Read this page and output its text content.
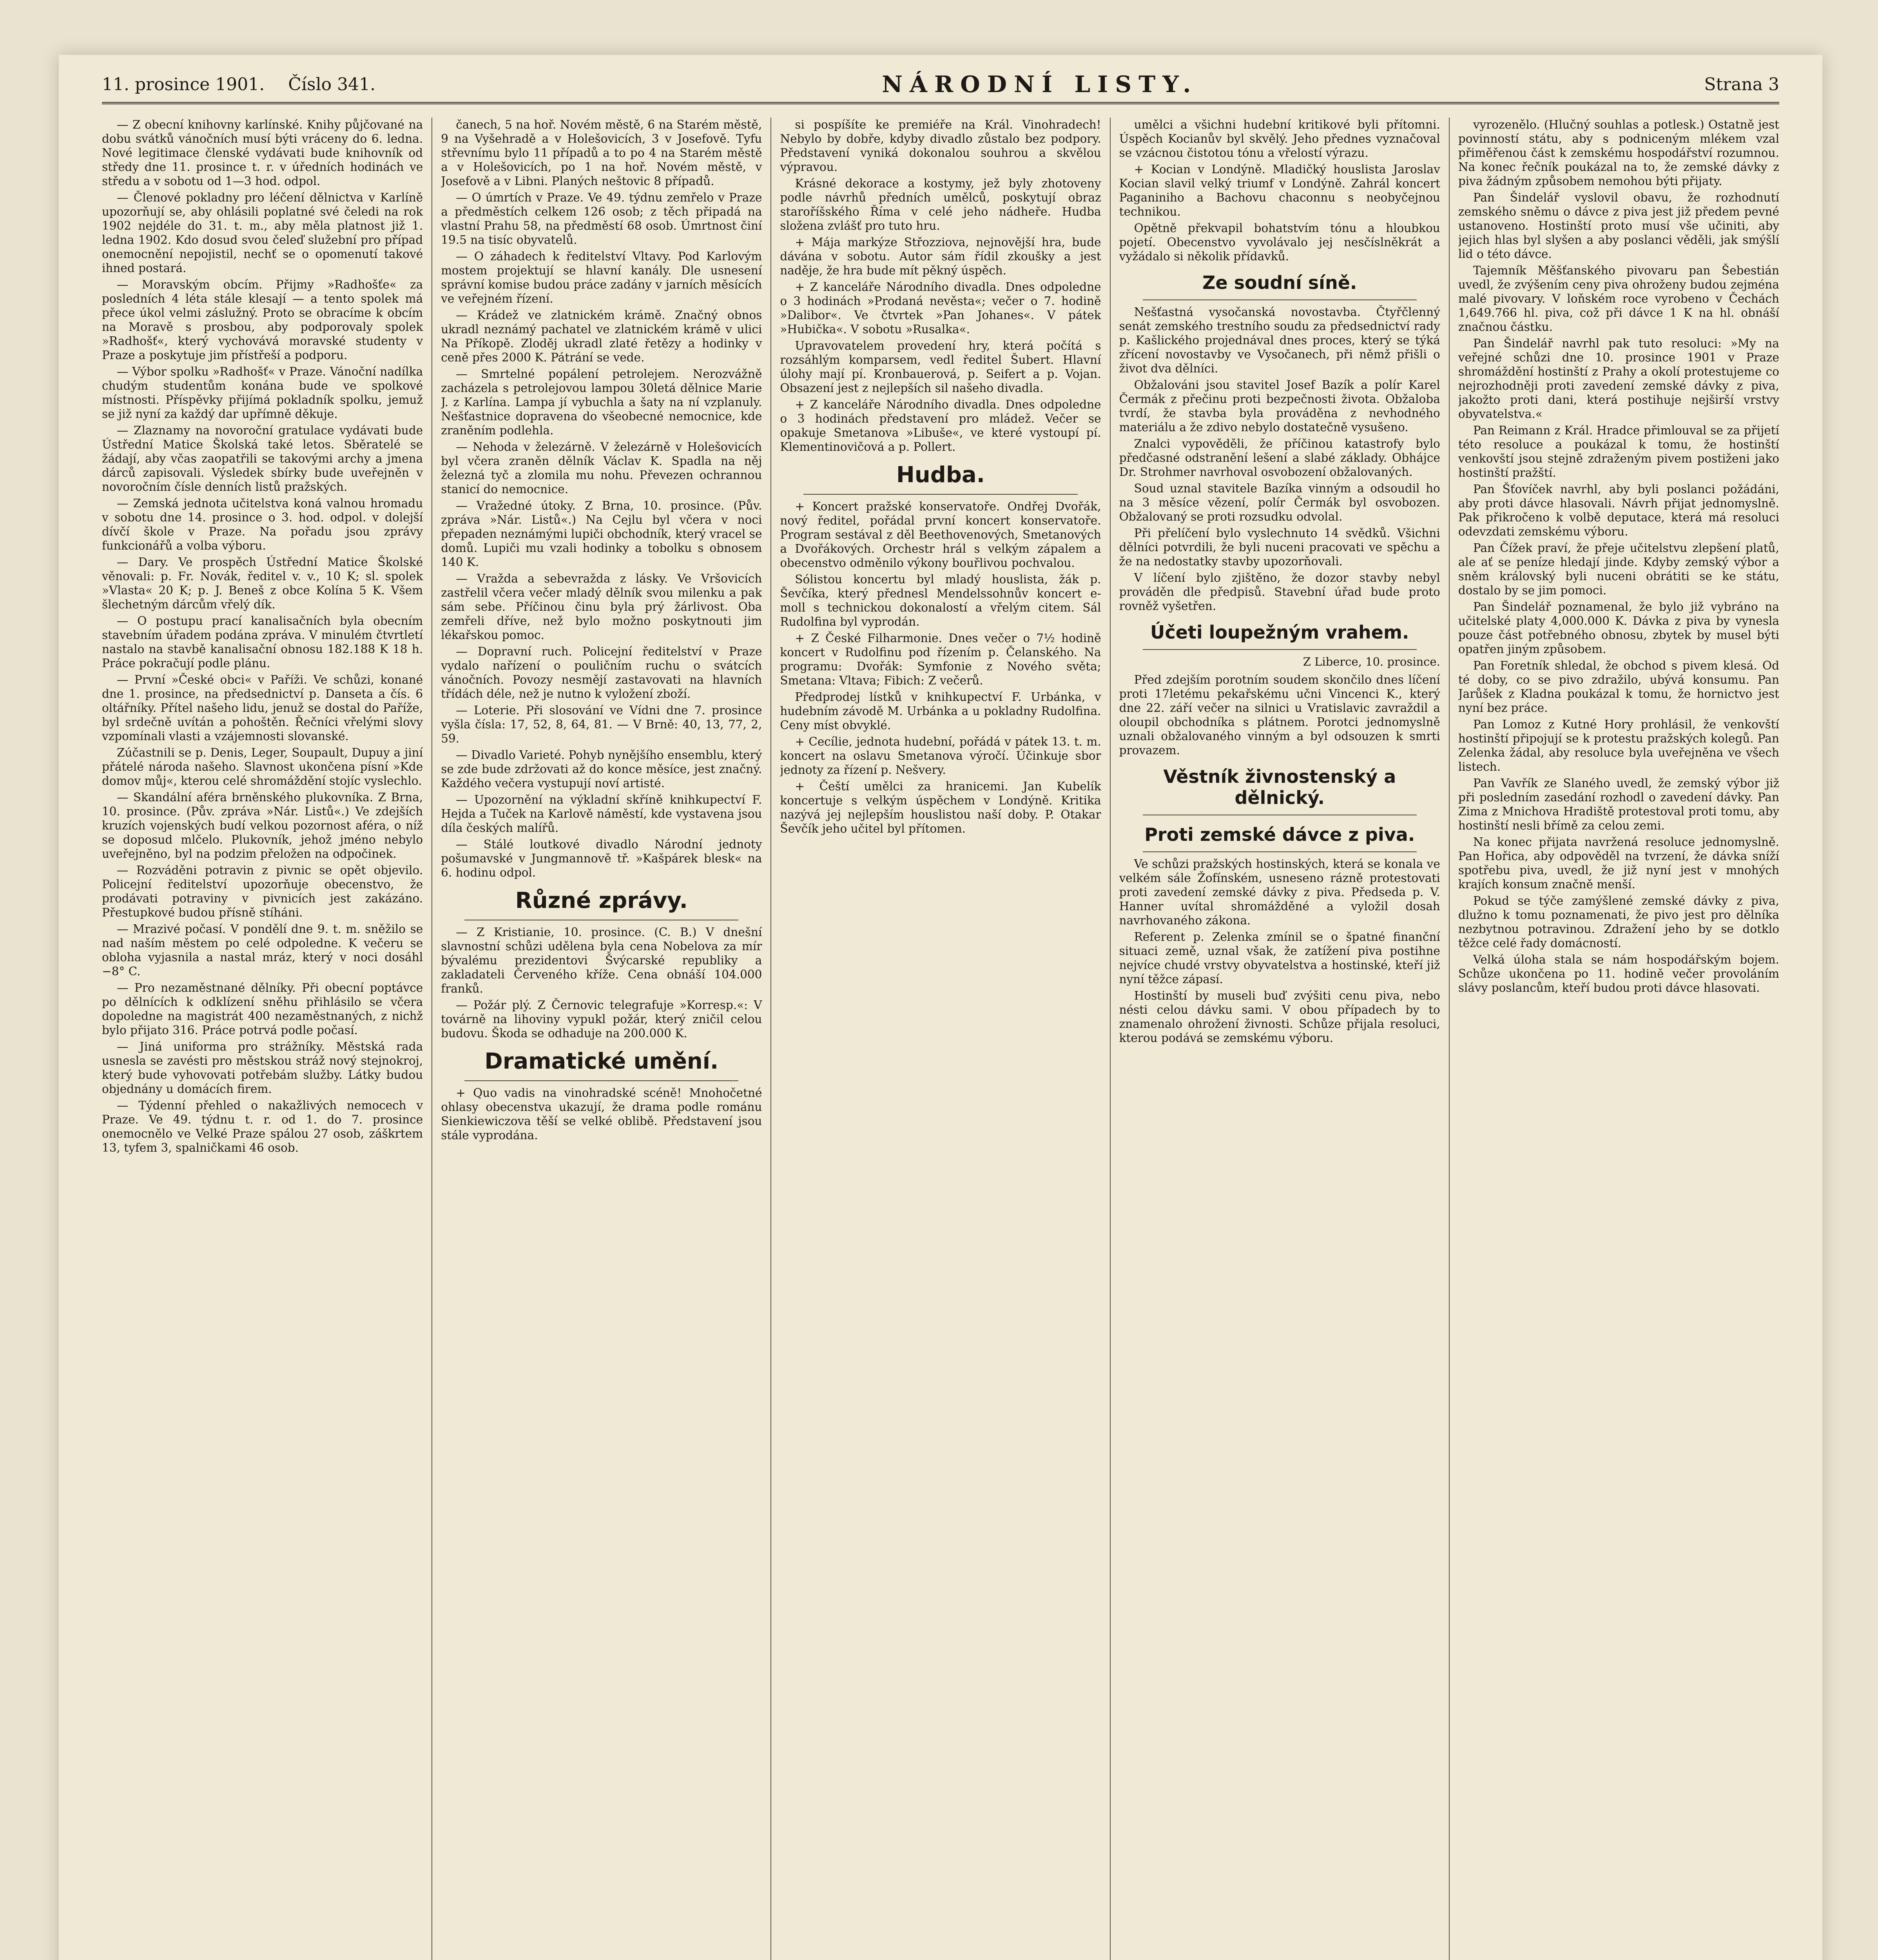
11. prosince 1901. Číslo 341.	NÁRODNÍ LISTY.	Strana 3

— Z obecní knihovny karlínské. Knihy půjčované na dobu svátků vánočních musí býti vráceny do 6. ledna. Nové legitimace členské vydávati bude knihovník od středy dne 11. prosince t. r. v úředních hodinách ve středu a v sobotu od 1—3 hod. odpol.

— Členové pokladny pro léčení dělnictva v Karlíně upozorňují se, aby ohlásili poplatné své čeledi na rok 1902 nejdéle do 31. t. m., aby měla platnost již 1. ledna 1902. Kdo dosud svou čeleď služební pro případ onemocnění nepojistil, nechť se o opomenutí takové ihned postará.

— Moravským obcím. Přijmy »Radhošťe« za posledních 4 léta stále klesají — a tento spolek má přece úkol velmi záslužný. Proto se obracíme k obcím na Moravě s prosbou, aby podporovaly spolek »Radhošť«, který vychovává moravské studenty v Praze a poskytuje jim přístřeší a podporu.

— Výbor spolku »Radhošť« v Praze. Vánoční nadílka chudým studentům konána bude ve spolkové místnosti. Příspěvky přijímá pokladník spolku, jemuž se již nyní za každý dar upřímně děkuje.

— Zlaznamy na novoroční gratulace vydávati bude Ústřední Matice Školská také letos. Sběratelé se žádají, aby včas zaopatřili se takovými archy a jmena dárců zapisovali. Výsledek sbírky bude uveřejněn v novoročním čísle denních listů pražských.

— Zemská jednota učitelstva koná valnou hromadu v sobotu dne 14. prosince o 3. hod. odpol. v dolejší dívčí škole v Praze. Na pořadu jsou zprávy funkcionářů a volba výboru.

— Dary. Ve prospěch Ústřední Matice Školské věnovali: p. Fr. Novák, ředitel v. v., 10 K; sl. spolek »Vlasta« 20 K; p. J. Beneš z obce Kolína 5 K. Všem šlechetným dárcům vřelý dík.

— O postupu prací kanalisačních byla obecním stavebním úřadem podána zpráva. V minulém čtvrtletí nastalo na stavbě kanalisační obnosu 182.188 K 18 h. Práce pokračují podle plánu.

— První »České obci« v Paříži. Ve schůzi, konané dne 1. prosince, na předsednictví p. Danseta a čís. 6 oltářníky. Přítel našeho lidu, jenuž se dostal do Paříže, byl srdečně uvítán a pohoštěn. Řečníci vřelými slovy vzpomínali vlasti a vzájemnosti slovanské.

Zúčastnili se p. Denis, Leger, Soupault, Dupuy a jiní přátelé národa našeho. Slavnost ukončena písní »Kde domov můj«, kterou celé shromáždění stojíc vyslechlo.

— Skandální aféra brněnského plukovníka. Z Brna, 10. prosince. (Pův. zpráva »Nár. Listů«.) Ve zdejších kruzích vojenských budí velkou pozornost aféra, o níž se doposud mlčelo. Plukovník, jehož jméno nebylo uveřejněno, byl na podzim přeložen na odpočinek.

— Rozváděni potravin z pivnic se opět objevilo. Policejní ředitelství upozorňuje obecenstvo, že prodávati potraviny v pivnicích jest zakázáno. Přestupkové budou přísně stíháni.

— Mrazivé počasí. V pondělí dne 9. t. m. sněžilo se nad naším městem po celé odpoledne. K večeru se obloha vyjasnila a nastal mráz, který v noci dosáhl −8° C.

— Pro nezaměstnané dělníky. Při obecní poptávce po dělnících k odklízení sněhu přihlásilo se včera dopoledne na magistrát 400 nezaměstnaných, z nichž bylo přijato 316. Práce potrvá podle počasí.

— Jiná uniforma pro strážníky. Městská rada usnesla se zavésti pro městskou stráž nový stejnokroj, který bude vyhovovati potřebám služby. Látky budou objednány u domácích firem.

— Týdenní přehled o nakažlivých nemocech v Praze. Ve 49. týdnu t. r. od 1. do 7. prosince onemocnělo ve Velké Praze spálou 27 osob, záškrtem 13, tyfem 3, spalničkami 46 osob.

čanech, 5 na hoř. Novém městě, 6 na Starém městě, 9 na Vyšehradě a v Holešovicích, 3 v Josefově. Tyfu střevnímu bylo 11 případů a to po 4 na Starém městě a v Holešovicích, po 1 na hoř. Novém městě, v Josefově a v Libni. Planých neštovic 8 případů.

— O úmrtích v Praze. Ve 49. týdnu zemřelo v Praze a předměstích celkem 126 osob; z těch připadá na vlastní Prahu 58, na předměstí 68 osob. Úmrtnost činí 19.5 na tisíc obyvatelů.

— O záhadech k ředitelství Vltavy. Pod Karlovým mostem projektují se hlavní kanály. Dle usnesení správní komise budou práce zadány v jarních měsících ve veřejném řízení.

— Krádež ve zlatnickém krámě. Značný obnos ukradl neznámý pachatel ve zlatnickém krámě v ulici Na Příkopě. Zloděj ukradl zlaté řetězy a hodinky v ceně přes 2000 K. Pátrání se vede.

— Smrtelné popálení petrolejem. Nerozvážně zacházela s petrolejovou lampou 30letá dělnice Marie J. z Karlína. Lampa jí vybuchla a šaty na ní vzplanuly. Nešťastnice dopravena do všeobecné nemocnice, kde zraněním podlehla.

— Nehoda v železárně. V železárně v Holešovicích byl včera zraněn dělník Václav K. Spadla na něj železná tyč a zlomila mu nohu. Převezen ochrannou stanicí do nemocnice.

— Vražedné útoky. Z Brna, 10. prosince. (Pův. zpráva »Nár. Listů«.) Na Cejlu byl včera v noci přepaden neznámými lupiči obchodník, který vracel se domů. Lupiči mu vzali hodinky a tobolku s obnosem 140 K.

— Vražda a sebevražda z lásky. Ve Vršovicích zastřelil včera večer mladý dělník svou milenku a pak sám sebe. Příčinou činu byla prý žárlivost. Oba zemřeli dříve, než bylo možno poskytnouti jim lékařskou pomoc.

— Dopravní ruch. Policejní ředitelství v Praze vydalo nařízení o pouličním ruchu o svátcích vánočních. Povozy nesmějí zastavovati na hlavních třídách déle, než je nutno k vyložení zboží.

— Loterie. Při slosování ve Vídni dne 7. prosince vyšla čísla: 17, 52, 8, 64, 81. — V Brně: 40, 13, 77, 2, 59.

— Divadlo Varieté. Pohyb nynějšího ensemblu, který se zde bude zdržovati až do konce měsíce, jest značný. Každého večera vystupují noví artisté.

— Upozornění na výkladní skříně knihkupectví F. Hejda a Tuček na Karlově náměstí, kde vystavena jsou díla českých malířů.

— Stálé loutkové divadlo Národní jednoty pošumavské v Jungmannově tř. »Kašpárek blesk« na 6. hodinu odpol.

Různé zprávy.

— Z Kristianie, 10. prosince. (C. B.) V dnešní slavnostní schůzi udělena byla cena Nobelova za mír bývalému prezidentovi Švýcarské republiky a zakladateli Červeného kříže. Cena obnáší 104.000 franků.

— Požár plý. Z Černovic telegrafuje »Korresp.«: V továrně na lihoviny vypukl požár, který zničil celou budovu. Škoda se odhaduje na 200.000 K.

Dramatické umění.

+ Quo vadis na vinohradské scéně! Mnohočetné ohlasy obecenstva ukazují, že drama podle románu Sienkiewiczova těší se velké oblibě. Představení jsou stále vyprodána.

si pospíšíte ke premiéře na Král. Vinohradech! Nebylo by dobře, kdyby divadlo zůstalo bez podpory. Představení vyniká dokonalou souhrou a skvělou výpravou.

Krásné dekorace a kostymy, jež byly zhotoveny podle návrhů předních umělců, poskytují obraz staroříšského Říma v celé jeho nádheře. Hudba složena zvlášť pro tuto hru.

+ Mája markýze Střozziova, nejnovější hra, bude dávána v sobotu. Autor sám řídil zkoušky a jest naděje, že hra bude mít pěkný úspěch.

+ Z kanceláře Národního divadla. Dnes odpoledne o 3 hodinách »Prodaná nevěsta«; večer o 7. hodině »Dalibor«. Ve čtvrtek »Pan Johanes«. V pátek »Hubička«. V sobotu »Rusalka«.

Upravovatelem provedení hry, která počítá s rozsáhlým komparsem, vedl ředitel Šubert. Hlavní úlohy mají pí. Kronbauerová, p. Seifert a p. Vojan. Obsazení jest z nejlepších sil našeho divadla.

+ Z kanceláře Národního divadla. Dnes odpoledne o 3 hodinách představení pro mládež. Večer se opakuje Smetanova »Libuše«, ve které vystoupí pí. Klementinovičová a p. Pollert.

Hudba.

+ Koncert pražské konservatoře. Ondřej Dvořák, nový ředitel, pořádal první koncert konservatoře. Program sestával z děl Beethovenových, Smetanových a Dvořákových. Orchestr hrál s velkým zápalem a obecenstvo odměnilo výkony bouřlivou pochvalou.

Sólistou koncertu byl mladý houslista, žák p. Ševčíka, který přednesl Mendelssohnův koncert e-moll s technickou dokonalostí a vřelým citem. Sál Rudolfina byl vyprodán.

+ Z České Filharmonie. Dnes večer o 7½ hodině koncert v Rudolfinu pod řízením p. Čelanského. Na programu: Dvořák: Symfonie z Nového světa; Smetana: Vltava; Fibich: Z večerů.

Předprodej lístků v knihkupectví F. Urbánka, v hudebním závodě M. Urbánka a u pokladny Rudolfina. Ceny míst obvyklé.

+ Cecílie, jednota hudební, pořádá v pátek 13. t. m. koncert na oslavu Smetanova výročí. Účinkuje sbor jednoty za řízení p. Nešvery.

+ Čeští umělci za hranicemi. Jan Kubelík koncertuje s velkým úspěchem v Londýně. Kritika nazývá jej nejlepším houslistou naší doby. P. Otakar Ševčík jeho učitel byl přítomen.

umělci a všichni hudební kritikové byli přítomni. Úspěch Kocianův byl skvělý. Jeho přednes vyznačoval se vzácnou čistotou tónu a vřelostí výrazu.

+ Kocian v Londýně. Mladičký houslista Jaroslav Kocian slavil velký triumf v Londýně. Zahrál koncert Paganiniho a Bachovu chaconnu s neobyčejnou technikou.

Opětně překvapil bohatstvím tónu a hloubkou pojetí. Obecenstvo vyvolávalo jej nesčíslněkrát a vyžádalo si několik přídavků.

Ze soudní síně.

Nešťastná vysočanská novostavba. Čtyřčlenný senát zemského trestního soudu za předsednictví rady p. Kašlického projednával dnes proces, který se týká zřícení novostavby ve Vysočanech, při němž přišli o život dva dělníci.

Obžalováni jsou stavitel Josef Bazík a polír Karel Čermák z přečinu proti bezpečnosti života. Obžaloba tvrdí, že stavba byla prováděna z nevhodného materiálu a že zdivo nebylo dostatečně vysušeno.

Znalci vypověděli, že příčinou katastrofy bylo předčasné odstranění lešení a slabé základy. Obhájce Dr. Strohmer navrhoval osvobození obžalovaných.

Soud uznal stavitele Bazíka vinným a odsoudil ho na 3 měsíce vězení, polír Čermák byl osvobozen. Obžalovaný se proti rozsudku odvolal.

Při přelíčení bylo vyslechnuto 14 svědků. Všichni dělníci potvrdili, že byli nuceni pracovati ve spěchu a že na nedostatky stavby upozorňovali.

V líčení bylo zjištěno, že dozor stavby nebyl prováděn dle předpisů. Stavební úřad bude proto rovněž vyšetřen.

Účeti loupežným vrahem.
Z Liberce, 10. prosince.

Před zdejším porotním soudem skončilo dnes líčení proti 17letému pekařskému učni Vincenci K., který dne 22. září večer na silnici u Vratislavic zavraždil a oloupil obchodníka s plátnem. Porotci jednomyslně uznali obžalovaného vinným a byl odsouzen k smrti provazem.

Věstník živnostenský a dělnický.
Proti zemské dávce z piva.

Ve schůzi pražských hostinských, která se konala ve velkém sále Žofínském, usneseno rázně protestovati proti zavedení zemské dávky z piva. Předseda p. V. Hanner uvítal shromážděné a vyložil dosah navrhovaného zákona.

Referent p. Zelenka zmínil se o špatné finanční situaci země, uznal však, že zatížení piva postihne nejvíce chudé vrstvy obyvatelstva a hostinské, kteří již nyní těžce zápasí.

Hostinští by museli buď zvýšiti cenu piva, nebo nésti celou dávku sami. V obou případech by to znamenalo ohrožení živnosti. Schůze přijala resoluci, kterou podává se zemskému výboru.

vyrozenělo. (Hlučný souhlas a potlesk.) Ostatně jest povinností státu, aby s podniceným mlékem vzal přiměřenou část k zemskému hospodářství rozumnou. Na konec řečník poukázal na to, že zemské dávky z piva žádným způsobem nemohou býti přijaty.

Pan Šindelář vyslovil obavu, že rozhodnutí zemského sněmu o dávce z piva jest již předem pevné ustanoveno. Hostinští proto musí vše učiniti, aby jejich hlas byl slyšen a aby poslanci věděli, jak smýšlí lid o této dávce.

Tajemník Měšťanského pivovaru pan Šebestián uvedl, že zvýšením ceny piva ohroženy budou zejména malé pivovary. V loňském roce vyrobeno v Čechách 1,649.766 hl. piva, což při dávce 1 K na hl. obnáší značnou částku.

Pan Šindelář navrhl pak tuto resoluci: »My na veřejné schůzi dne 10. prosince 1901 v Praze shromáždění hostinští z Prahy a okolí protestujeme co nejrozhodněji proti zavedení zemské dávky z piva, jakožto proti dani, která postihuje nejširší vrstvy obyvatelstva.«

Pan Reimann z Král. Hradce přimlouval se za přijetí této resoluce a poukázal k tomu, že hostinští venkovští jsou stejně zdraženým pivem postiženi jako hostinští pražští.

Pan Šťovíček navrhl, aby byli poslanci požádáni, aby proti dávce hlasovali. Návrh přijat jednomyslně. Pak přikročeno k volbě deputace, která má resoluci odevzdati zemskému výboru.

Pan Čížek praví, že přeje učitelstvu zlepšení platů, ale ať se peníze hledají jinde. Kdyby zemský výbor a sněm královský byli nuceni obrátiti se ke státu, dostalo by se jim pomoci.

Pan Šindelář poznamenal, že bylo již vybráno na učitelské platy 4,000.000 K. Dávka z piva by vynesla pouze část potřebného obnosu, zbytek by musel býti opatřen jiným způsobem.

Pan Foretník shledal, že obchod s pivem klesá. Od té doby, co se pivo zdražilo, ubývá konsumu. Pan Jarůšek z Kladna poukázal k tomu, že hornictvo jest nyní bez práce.

Pan Lomoz z Kutné Hory prohlásil, že venkovští hostinští připojují se k protestu pražských kolegů. Pan Zelenka žádal, aby resoluce byla uveřejněna ve všech listech.

Pan Vavřík ze Slaného uvedl, že zemský výbor již při posledním zasedání rozhodl o zavedení dávky. Pan Zima z Mnichova Hradiště protestoval proti tomu, aby hostinští nesli břímě za celou zemi.

Na konec přijata navržená resoluce jednomyslně. Pan Hořica, aby odpověděl na tvrzení, že dávka sníží spotřebu piva, uvedl, že již nyní jest v mnohých krajích konsum značně menší.

Pokud se týče zamýšlené zemské dávky z piva, dlužno k tomu poznamenati, že pivo jest pro dělníka nezbytnou potravinou. Zdražení jeho by se dotklo těžce celé řady domácností.

Velká úloha stala se nám hospodářským bojem. Schůze ukončena po 11. hodině večer provoláním slávy poslancům, kteří budou proti dávce hlasovati.
